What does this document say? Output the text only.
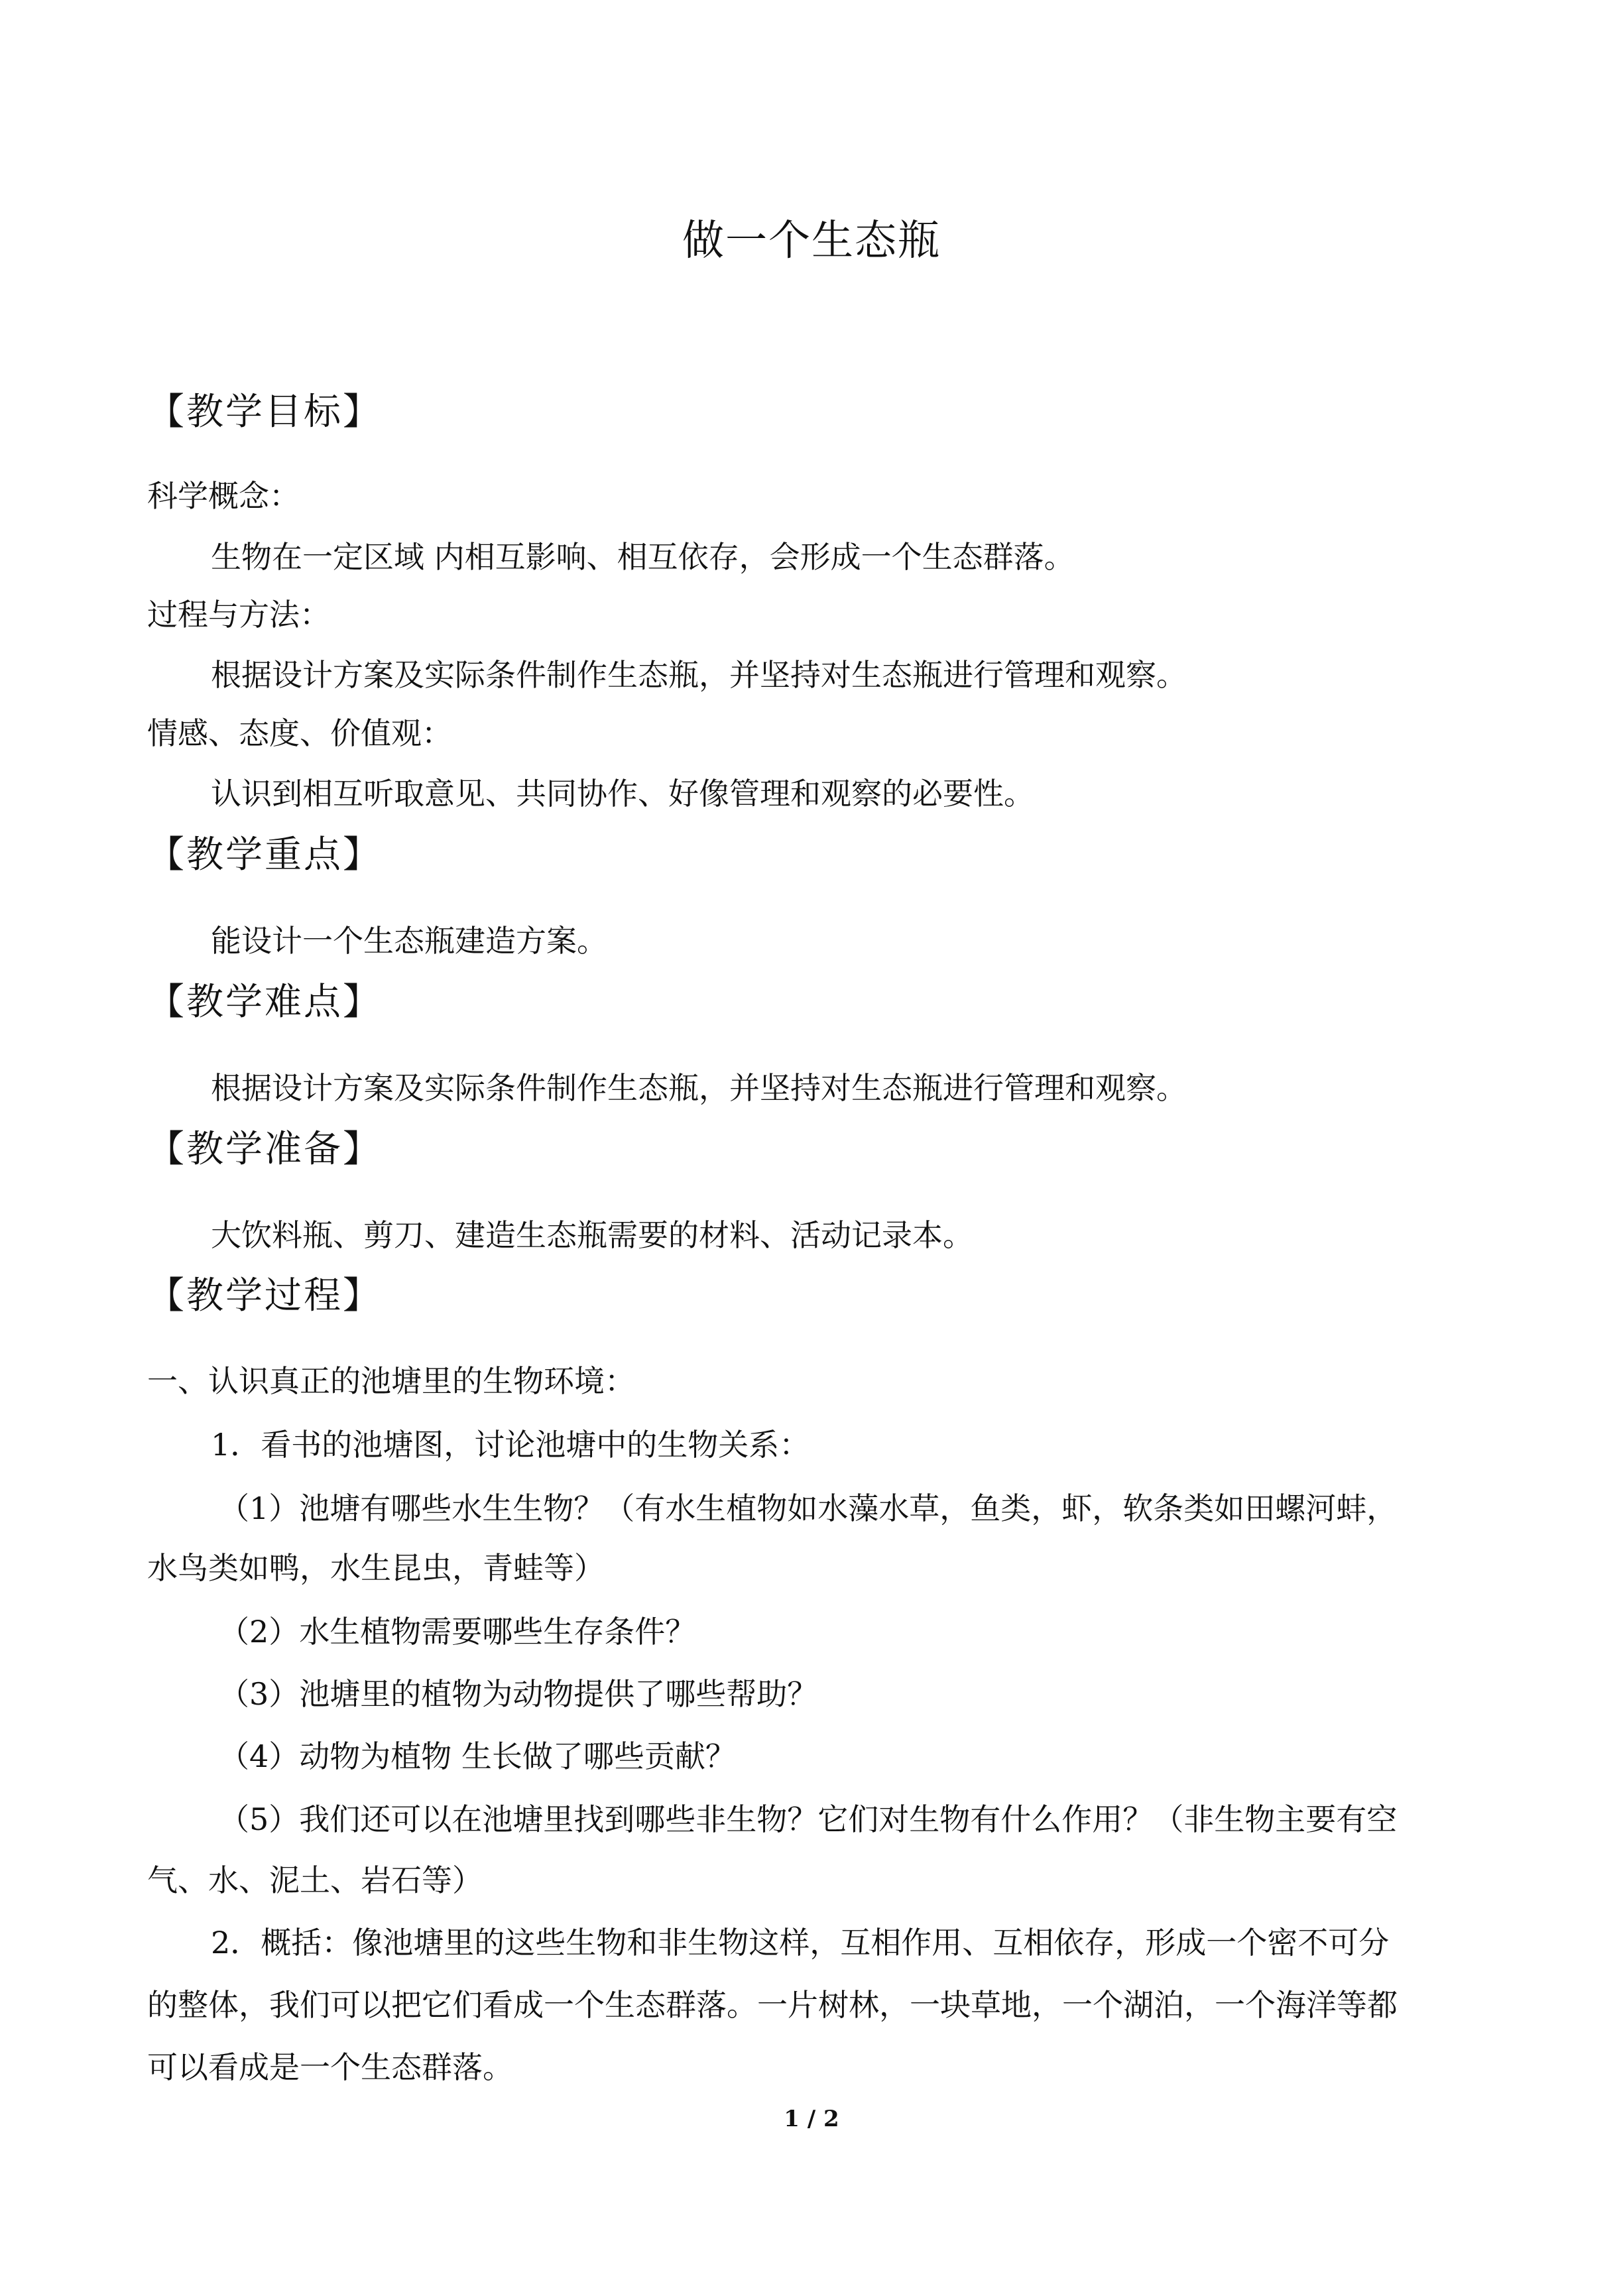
做一个生态瓶
【教学目标】
科学概念：
生物在一定区域 内相互影响、相互依存，会形成一个生态群落。
过程与方法：
根据设计方案及实际条件制作生态瓶，并坚持对生态瓶进行管理和观察。
情感、态度、价值观：
认识到相互听取意见、共同协作、好像管理和观察的必要性。
【教学重点】
能设计一个生态瓶建造方案。
【教学难点】
根据设计方案及实际条件制作生态瓶，并坚持对生态瓶进行管理和观察。
【教学准备】
大饮料瓶、剪刀、建造生态瓶需要的材料、活动记录本。
【教学过程】
一、认识真正的池塘里的生物环境：
1．看书的池塘图，讨论池塘中的生物关系：
（1）池塘有哪些水生生物？（有水生植物如水藻水草，鱼类，虾，软条类如田螺河蚌，
水鸟类如鸭，水生昆虫，青蛙等）
（2）水生植物需要哪些生存条件？
（3）池塘里的植物为动物提供了哪些帮助？
（4）动物为植物 生长做了哪些贡献？
（5）我们还可以在池塘里找到哪些非生物？它们对生物有什么作用？（非生物主要有空
气、水、泥土、岩石等）
2．概括：像池塘里的这些生物和非生物这样，互相作用、互相依存，形成一个密不可分
的整体，我们可以把它们看成一个生态群落。一片树林，一块草地，一个湖泊，一个海洋等都
可以看成是一个生态群落。
1 / 2
